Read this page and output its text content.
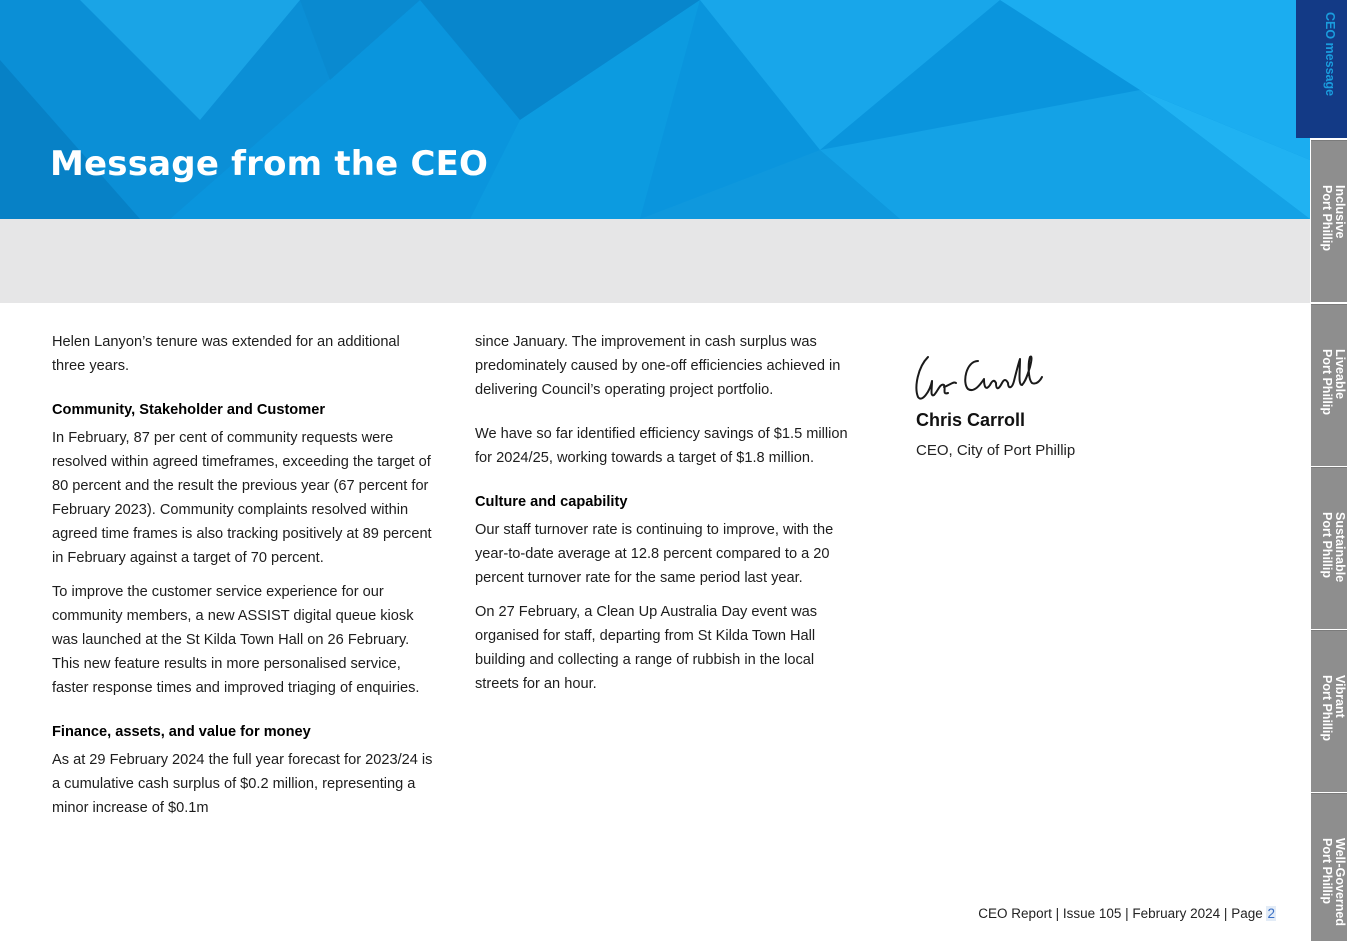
Message from the CEO

Helen Lanyon’s tenure was extended for an additional three years.

Community, Stakeholder and Customer

In February, 87 per cent of community requests were resolved within agreed timeframes, exceeding the target of 80 percent and the result the previous year (67 percent for February 2023). Community complaints resolved within agreed time frames is also tracking positively at 89 percent in February against a target of 70 percent.

To improve the customer service experience for our community members, a new ASSIST digital queue kiosk was launched at the St Kilda Town Hall on 26 February. This new feature results in more personalised service, faster response times and improved triaging of enquiries.

Finance, assets, and value for money

As at 29 February 2024 the full year forecast for 2023/24 is a cumulative cash surplus of $0.2 million, representing a minor increase of $0.1m

since January. The improvement in cash surplus was predominately caused by one-off efficiencies achieved in delivering Council’s operating project portfolio.

We have so far identified efficiency savings of $1.5 million for 2024/25, working towards a target of $1.8 million.

Culture and capability

Our staff turnover rate is continuing to improve, with the year-to-date average at 12.8 percent compared to a 20 percent turnover rate for the same period last year.

On 27 February, a Clean Up Australia Day event was organised for staff, departing from St Kilda Town Hall building and collecting a range of rubbish in the local streets for an hour.

Chris Carroll
CEO, City of Port Phillip
CEO Report | Issue 105 | February 2024 | Page 2
CEO message
Inclusive
Port Phillip
Liveable
Port Phillip
Sustainable
Port Phillip
Vibrant
Port Phillip
Well-Governed
Port Phillip
